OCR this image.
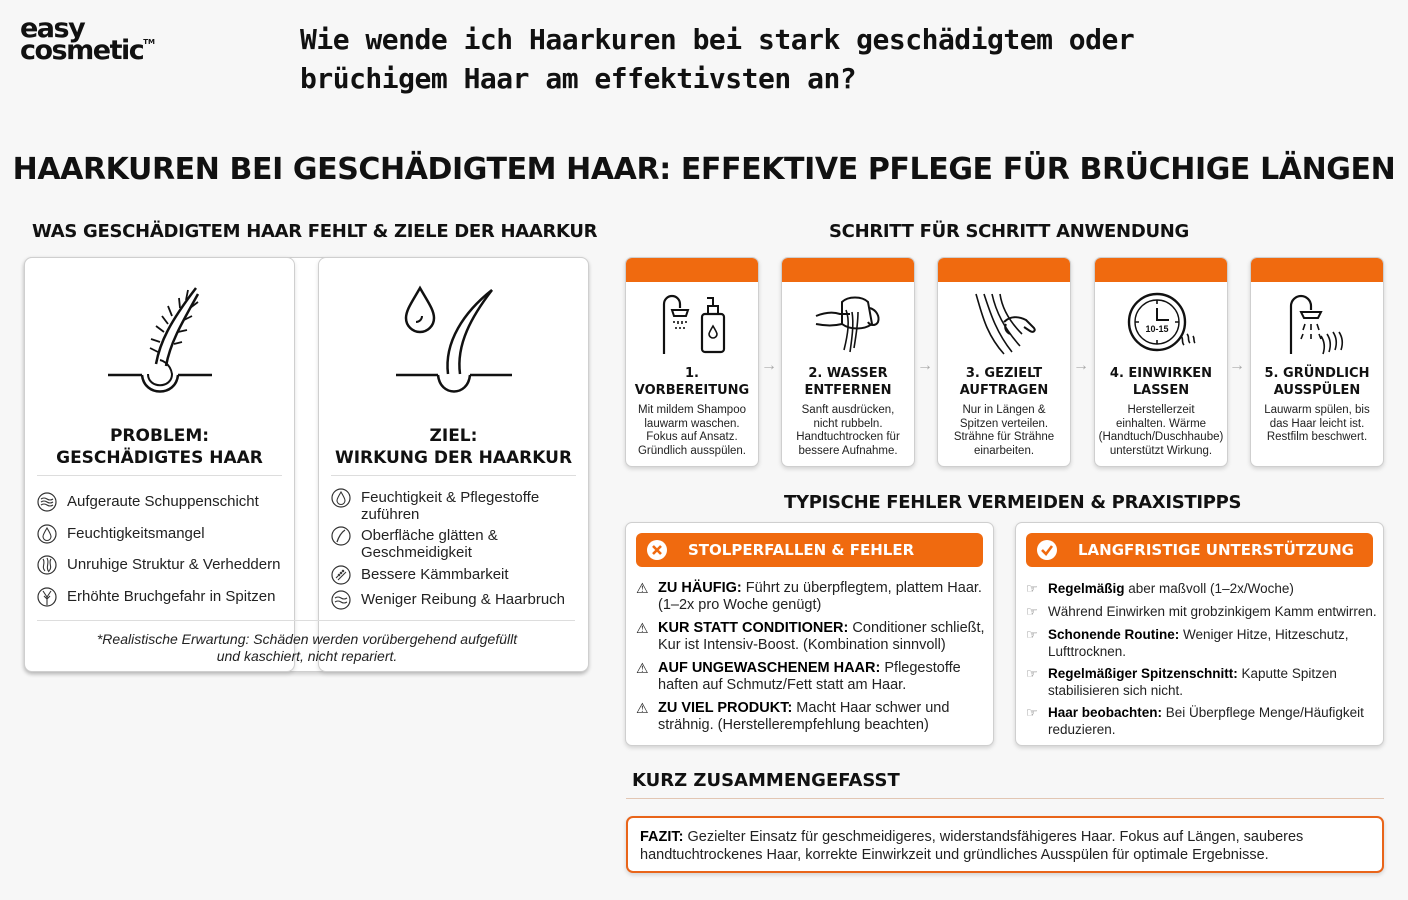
easy
cosmetic™	Wie wende ich Haarkuren bei stark geschädigtem oder brüchigem Haar am effektivsten an?
HAARKUREN BEI GESCHÄDIGTEM HAAR: EFFEKTIVE PFLEGE FÜR BRÜCHIGE LÄNGEN
WAS GESCHÄDIGTEM HAAR FEHLT & ZIELE DER HAARKUR
PROBLEM:
GESCHÄDIGTES HAAR
Aufgeraute Schuppenschicht
Feuchtigkeitsmangel
Unruhige Struktur & Verheddern
Erhöhte Bruchgefahr in Spitzen
ZIEL:
WIRKUNG DER HAARKUR
Feuchtigkeit & Pflegestoffe zuführen
Oberfläche glätten & Geschmeidigkeit
Bessere Kämmbarkeit
Weniger Reibung & Haarbruch
*Realistische Erwartung: Schäden werden vorübergehend aufgefüllt
und kaschiert, nicht repariert.
SCHRITT FÜR SCHRITT ANWENDUNG
1. VORBEREITUNG
Mit mildem Shampoo
lauwarm waschen.
Fokus auf Ansatz.
Gründlich ausspülen.
→	2. WASSER
ENTFERNEN
Sanft ausdrücken,
nicht rubbeln.
Handtuchtrocken für
bessere Aufnahme.
→	3. GEZIELT
AUFTRAGEN
Nur in Längen &
Spitzen verteilen.
Strähne für Strähne
einarbeiten.
→
10-15
4. EINWIRKEN
LASSEN
Herstellerzeit
einhalten. Wärme
(Handtuch/Duschhaube)
unterstützt Wirkung.
→	5. GRÜNDLICH
AUSSPÜLEN
Lauwarm spülen, bis
das Haar leicht ist.
Restfilm beschwert.
TYPISCHE FEHLER VERMEIDEN & PRAXISTIPPS
STOLPERFALLEN & FEHLER
⚠ ZU HÄUFIG: Führt zu überpflegtem, plattem Haar.
(1–2x pro Woche genügt)
⚠ KUR STATT CONDITIONER: Conditioner schließt,
Kur ist Intensiv-Boost. (Kombination sinnvoll)
⚠ AUF UNGEWASCHENEM HAAR: Pflegestoffe
haften auf Schmutz/Fett statt am Haar.
⚠ ZU VIEL PRODUKT: Macht Haar schwer und
strähnig. (Herstellerempfehlung beachten)
LANGFRISTIGE UNTERSTÜTZUNG
☞ Regelmäßig aber maßvoll (1–2x/Woche)
☞ Während Einwirken mit grobzinkigem Kamm entwirren.
☞ Schonende Routine: Weniger Hitze, Hitzeschutz,
Lufttrocknen.
☞ Regelmäßiger Spitzenschnitt: Kaputte Spitzen
stabilisieren sich nicht.
☞ Haar beobachten: Bei Überpflege Menge/Häufigkeit
reduzieren.
KURZ ZUSAMMENGEFASST
FAZIT: Gezielter Einsatz für geschmeidigeres, widerstandsfähigeres Haar. Fokus auf Längen, sauberes
handtuchtrockenes Haar, korrekte Einwirkzeit und gründliches Ausspülen für optimale Ergebnisse.
